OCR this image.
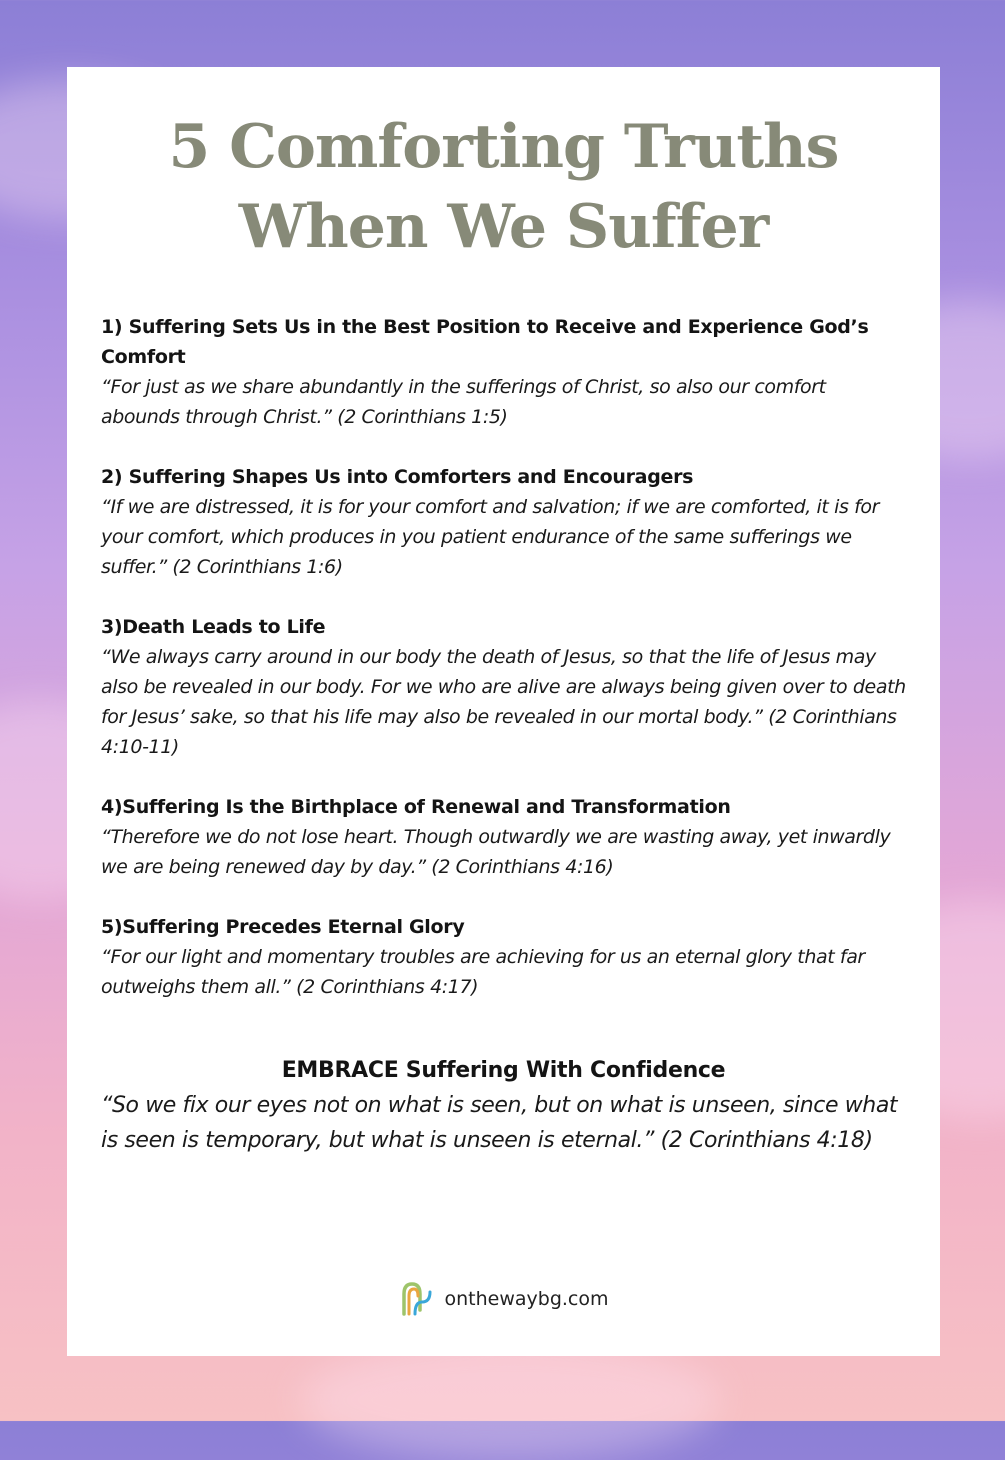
5 Comforting Truths When We Suffer
1) Suffering Sets Us in the Best Position to Receive and Experience God’s Comfort
“For just as we share abundantly in the sufferings of Christ, so also our comfort abounds through Christ.” (2 Corinthians 1:5)
2) Suffering Shapes Us into Comforters and Encouragers
“If we are distressed, it is for your comfort and salvation; if we are comforted, it is for your comfort, which produces in you patient endurance of the same sufferings we suffer.” (2 Corinthians 1:6)
3)Death Leads to Life
“We always carry around in our body the death of Jesus, so that the life of Jesus may also be revealed in our body. For we who are alive are always being given over to death for Jesus’ sake, so that his life may also be revealed in our mortal body.” (2 Corinthians 4:10-11)
4)Suffering Is the Birthplace of Renewal and Transformation
“Therefore we do not lose heart. Though outwardly we are wasting away, yet inwardly we are being renewed day by day.” (2 Corinthians 4:16)
5)Suffering Precedes Eternal Glory
“For our light and momentary troubles are achieving for us an eternal glory that far outweighs them all.” (2 Corinthians 4:17)
EMBRACE Suffering With Confidence
“So we fix our eyes not on what is seen, but on what is unseen, since what is seen is temporary, but what is unseen is eternal.” (2 Corinthians 4:18)
onthewaybg.com
